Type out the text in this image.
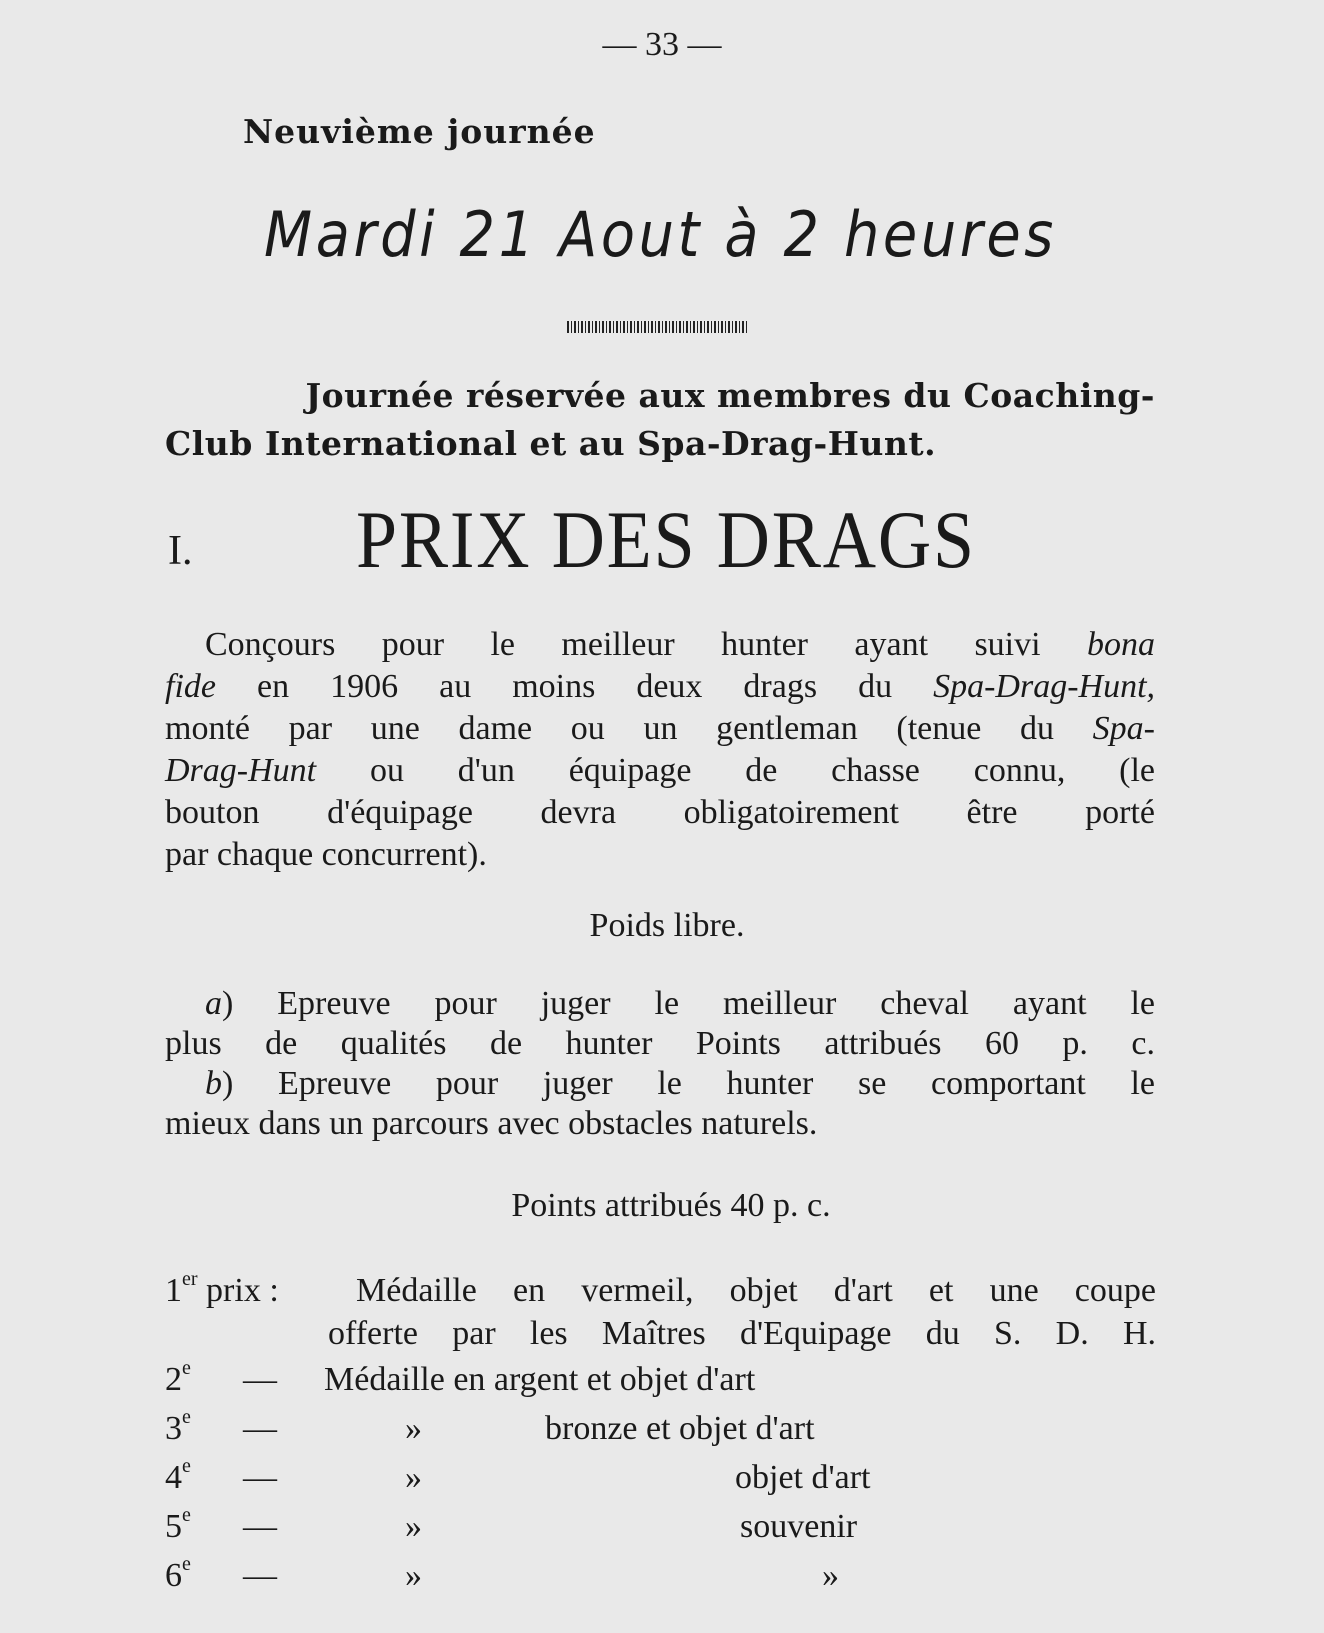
— 33 —
Neuvième journée
Mardi 21 Aout à 2 heures
Journée réservée aux membres du Coaching-
Club International et au Spa-Drag-Hunt.
I. PRIX DES DRAGS
Conçours pour le meilleur hunter ayant suivi bona
fide en 1906 au moins deux drags du Spa-Drag-Hunt,
monté par une dame ou un gentleman (tenue du Spa-
Drag-Hunt ou d'un équipage de chasse connu, (le
bouton d'équipage devra obligatoirement être porté
par chaque concurrent).
Poids libre.
a) Epreuve pour juger le meilleur cheval ayant le
plus de qualités de hunter Points attribués 60 p. c.
b) Epreuve pour juger le hunter se comportant le
mieux dans un parcours avec obstacles naturels.
Points attribués 40 p. c.
1er prix : Médaille en vermeil, objet d'art et une coupe
offerte par les Maîtres d'Equipage du S. D. H.
2e — Médaille en argent et objet d'art
3e —	»	bronze et objet d'art
4e —	»	objet d'art
5e —	»	souvenir
6e —	»	»
